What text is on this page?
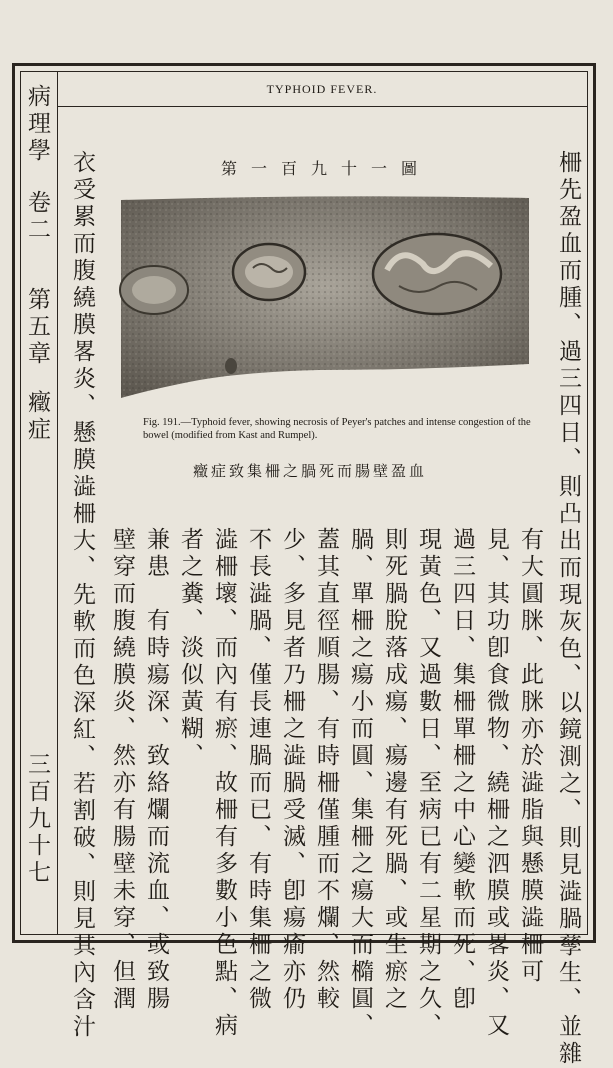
病理學
卷二
第五章
癥症
三百九十七
TYPHOID FEVER.
柵先盈血而腫、過三四日、則凸出而現灰色、以鏡測之、則見澁腡孳生、並雜
第一百九十一圖
Fig. 191.—Typhoid fever, showing necrosis of Peyer's patches and intense congestion of the bowel (modified from Kast and Rumpel).
癥症致集柵之腡死而腸壁盈血
有大圓脒、此脒亦於澁脂與懸膜澁柵可
見、其功卽食微物、繞柵之泗膜或畧炎、又
過三四日、集柵單柵之中心變軟而死、卽
現黃色、又過數日、至病已有二星期之久、
則死腡脫落成瘍、瘍邊有死腡、或生瘀之
腡、單柵之瘍小而圓、集柵之瘍大而橢圓、
蓋其直徑順腸、有時柵僅腫而不爛、然較
少、多見者乃柵之澁腡受滅、卽瘍瘉亦仍
不長澁腡、僅長連腡而已、有時集柵之微
澁柵壞、而內有瘀、故柵有多數小色點、病
者之糞、淡似黃糊、
兼患　有時瘍深、致絡爛而流血、或致腸
壁穿而腹繞膜炎、然亦有腸壁未穿、但潤
衣受累而腹繞膜畧炎、懸膜澁柵大、先軟而色深紅、若割破、則見其內含汁
